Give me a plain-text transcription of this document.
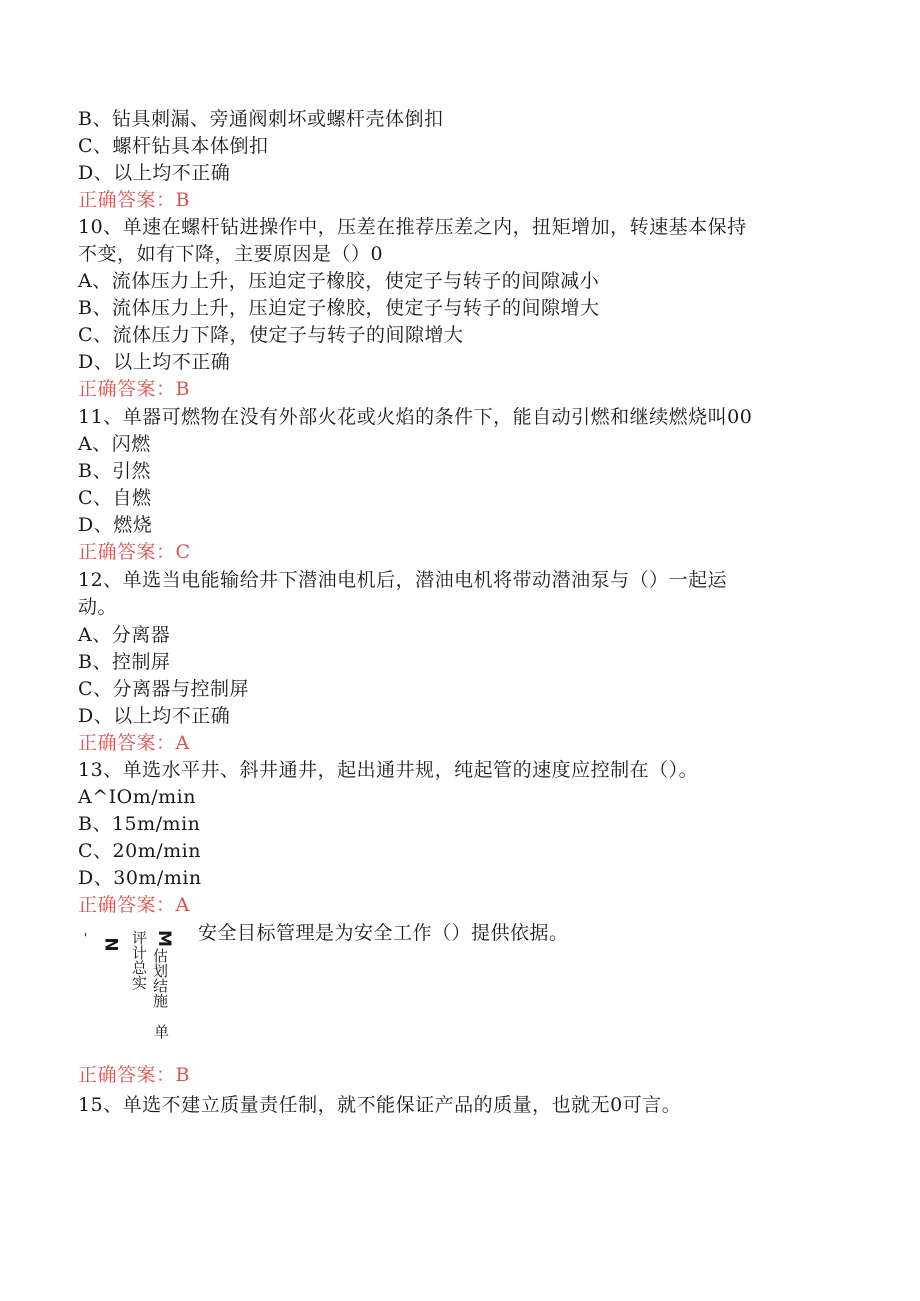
B、钻具刺漏、旁通阀刺坏或螺杆壳体倒扣
C、螺杆钻具本体倒扣
D、以上均不正确
正确答案：B
10、单速在螺杆钻进操作中，压差在推荐压差之内，扭矩增加，转速基本保持
不变，如有下降，主要原因是（）0
A、流体压力上升，压迫定子橡胶，使定子与转子的间隙减小
B、流体压力上升，压迫定子橡胶，使定子与转子的间隙增大
C、流体压力下降，使定子与转子的间隙增大
D、以上均不正确
正确答案：B
11、单器可燃物在没有外部火花或火焰的条件下，能自动引燃和继续燃烧叫00
A、闪燃
B、引然
C、自燃
D、燃烧
正确答案：C
12、单选当电能输给井下潜油电机后，潜油电机将带动潜油泵与（）一起运
动。
A、分离器
B、控制屏
C、分离器与控制屏
D、以上均不正确
正确答案：A
13、单选水平井、斜井通井，起出通井规，纯起管的速度应控制在（）。
A^IOm/min
B、15m/min
C、20m/min
D、30m/min
正确答案：A
' N 评计总实 M
估划结施
单
安全目标管理是为安全工作（）提供依据。
正确答案：B
15、单选不建立质量责任制，就不能保证产品的质量，也就无0可言。
